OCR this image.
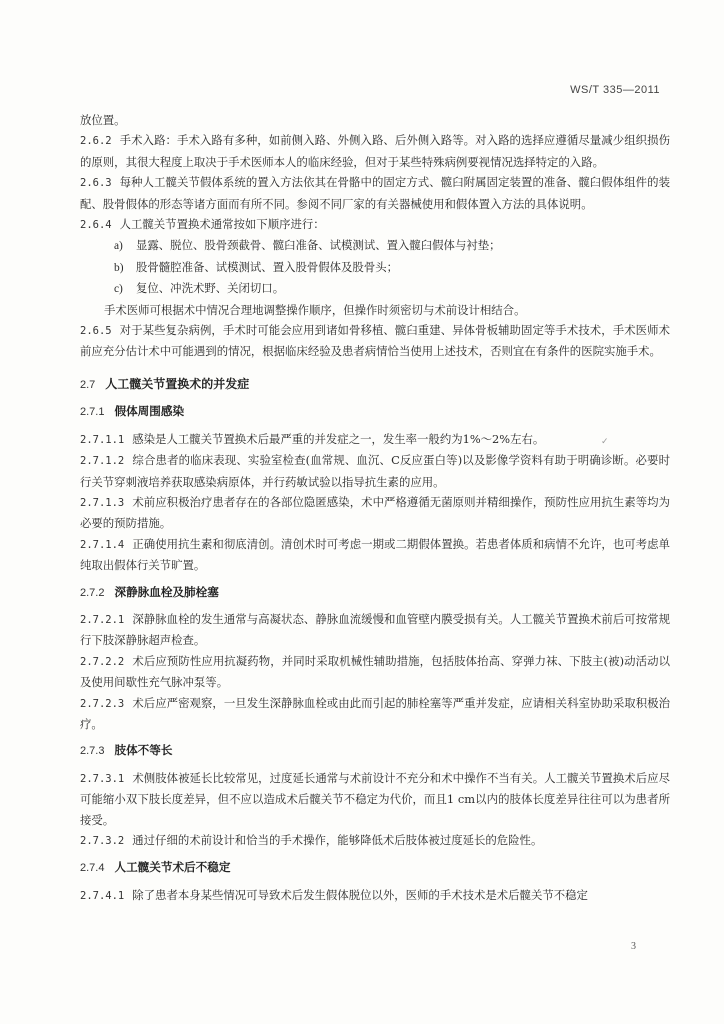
WS/T 335—2011
✓

放位置。

2.6.2 手术入路：手术入路有多种，如前侧入路、外侧入路、后外侧入路等。对入路的选择应遵循尽量减少组织损伤的原则，其很大程度上取决于手术医师本人的临床经验，但对于某些特殊病例要视情况选择特定的入路。

2.6.3 每种人工髋关节假体系统的置入方法依其在骨骼中的固定方式、髋臼附属固定装置的准备、髋臼假体组件的装配、股骨假体的形态等诸方面而有所不同。参阅不同厂家的有关器械使用和假体置入方法的具体说明。

2.6.4 人工髋关节置换术通常按如下顺序进行：

a) 显露、脱位、股骨颈截骨、髋臼准备、试模测试、置入髋臼假体与衬垫；

b) 股骨髓腔准备、试模测试、置入股骨假体及股骨头；

c) 复位、冲洗术野、关闭切口。

手术医师可根据术中情况合理地调整操作顺序，但操作时须密切与术前设计相结合。

2.6.5 对于某些复杂病例，手术时可能会应用到诸如骨移植、髋臼重建、异体骨板辅助固定等手术技术，手术医师术前应充分估计术中可能遇到的情况，根据临床经验及患者病情恰当使用上述技术，否则宜在有条件的医院实施手术。

2.7 人工髋关节置换术的并发症
2.7.1 假体周围感染

2.7.1.1 感染是人工髋关节置换术后最严重的并发症之一，发生率一般约为1%～2%左右。

2.7.1.2 综合患者的临床表现、实验室检查(血常规、血沉、C反应蛋白等)以及影像学资料有助于明确诊断。必要时行关节穿刺液培养获取感染病原体，并行药敏试验以指导抗生素的应用。

2.7.1.3 术前应积极治疗患者存在的各部位隐匿感染，术中严格遵循无菌原则并精细操作，预防性应用抗生素等均为必要的预防措施。

2.7.1.4 正确使用抗生素和彻底清创。清创术时可考虑一期或二期假体置换。若患者体质和病情不允许，也可考虑单纯取出假体行关节旷置。

2.7.2 深静脉血栓及肺栓塞

2.7.2.1 深静脉血栓的发生通常与高凝状态、静脉血流缓慢和血管壁内膜受损有关。人工髋关节置换术前后可按常规行下肢深静脉超声检查。

2.7.2.2 术后应预防性应用抗凝药物，并同时采取机械性辅助措施，包括肢体抬高、穿弹力袜、下肢主(被)动活动以及使用间歇性充气脉冲泵等。

2.7.2.3 术后应严密观察，一旦发生深静脉血栓或由此而引起的肺栓塞等严重并发症，应请相关科室协助采取积极治疗。

2.7.3 肢体不等长

2.7.3.1 术侧肢体被延长比较常见，过度延长通常与术前设计不充分和术中操作不当有关。人工髋关节置换术后应尽可能缩小双下肢长度差异，但不应以造成术后髋关节不稳定为代价，而且1 cm以内的肢体长度差异往往可以为患者所接受。

2.7.3.2 通过仔细的术前设计和恰当的手术操作，能够降低术后肢体被过度延长的危险性。

2.7.4 人工髋关节术后不稳定

2.7.4.1 除了患者本身某些情况可导致术后发生假体脱位以外，医师的手术技术是术后髋关节不稳定

3
